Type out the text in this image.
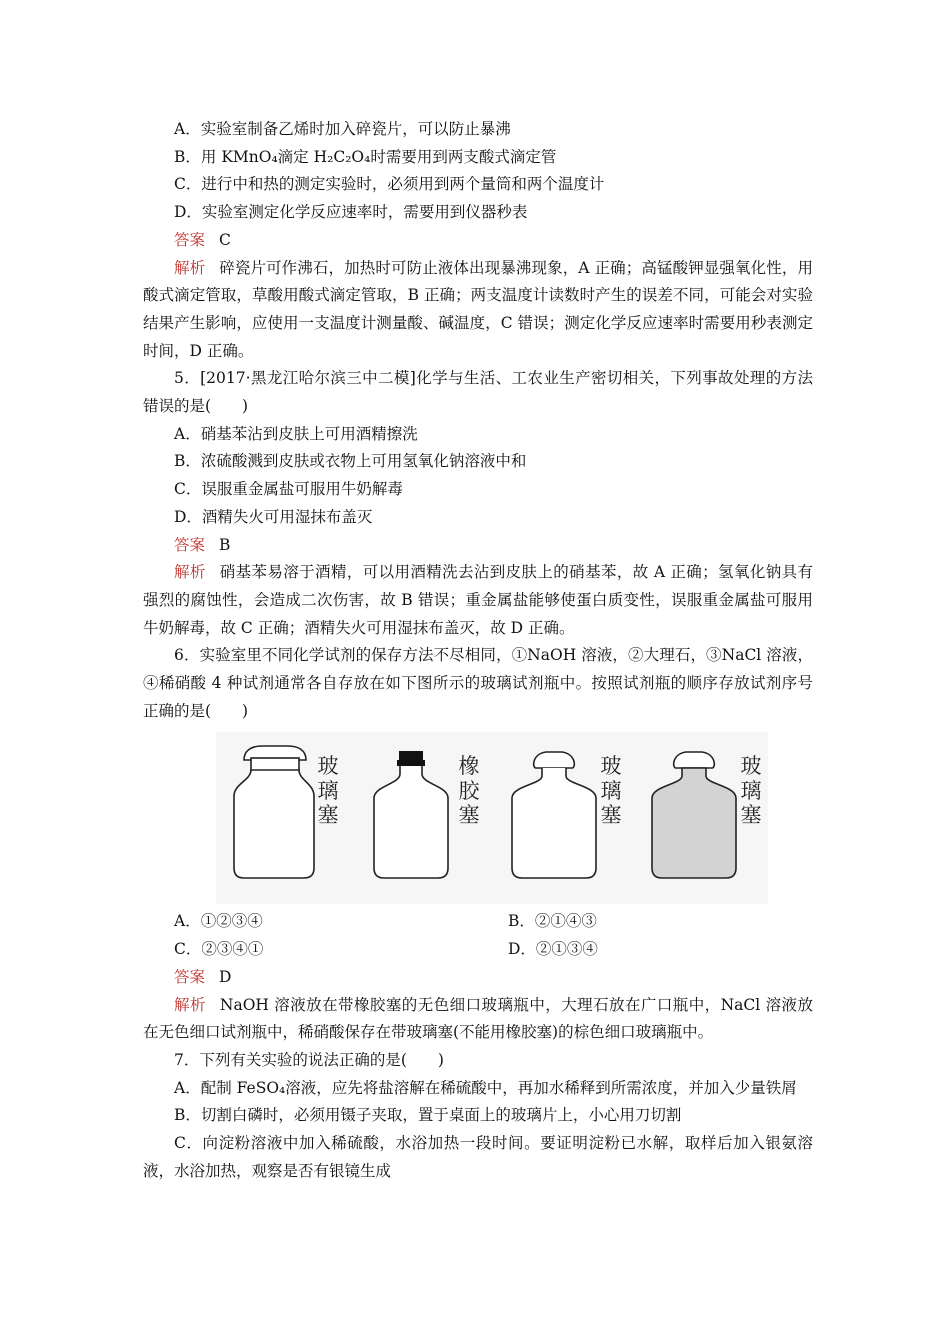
A．实验室制备乙烯时加入碎瓷片，可以防止暴沸
B．用 KMnO₄滴定 H₂C₂O₄时需要用到两支酸式滴定管
C．进行中和热的测定实验时，必须用到两个量筒和两个温度计
D．实验室测定化学反应速率时，需要用到仪器秒表
答案 C
解析 碎瓷片可作沸石，加热时可防止液体出现暴沸现象，A 正确；高锰酸钾显强氧化性，用酸式滴定管取，草酸用酸式滴定管取，B 正确；两支温度计读数时产生的误差不同，可能会对实验结果产生影响，应使用一支温度计测量酸、碱温度，C 错误；测定化学反应速率时需要用秒表测定时间，D 正确。
5．[2017·黑龙江哈尔滨三中二模]化学与生活、工农业生产密切相关，下列事故处理的方法错误的是(　　)
A．硝基苯沾到皮肤上可用酒精擦洗
B．浓硫酸溅到皮肤或衣物上可用氢氧化钠溶液中和
C．误服重金属盐可服用牛奶解毒
D．酒精失火可用湿抹布盖灭
答案 B
解析 硝基苯易溶于酒精，可以用酒精洗去沾到皮肤上的硝基苯，故 A 正确；氢氧化钠具有强烈的腐蚀性，会造成二次伤害，故 B 错误；重金属盐能够使蛋白质变性，误服重金属盐可服用牛奶解毒，故 C 正确；酒精失火可用湿抹布盖灭，故 D 正确。
6．实验室里不同化学试剂的保存方法不尽相同，①NaOH 溶液，②大理石，③NaCl 溶液，④稀硝酸 4 种试剂通常各自存放在如下图所示的玻璃试剂瓶中。按照试剂瓶的顺序存放试剂序号正确的是(　　)
玻璃塞
橡胶塞
玻璃塞
玻璃塞
A．①②③④	B．②①④③
C．②③④①	D．②①③④
答案 D
解析 NaOH 溶液放在带橡胶塞的无色细口玻璃瓶中，大理石放在广口瓶中，NaCl 溶液放在无色细口试剂瓶中，稀硝酸保存在带玻璃塞(不能用橡胶塞)的棕色细口玻璃瓶中。
7．下列有关实验的说法正确的是(　　)
A．配制 FeSO₄溶液，应先将盐溶解在稀硫酸中，再加水稀释到所需浓度，并加入少量铁屑
B．切割白磷时，必须用镊子夹取，置于桌面上的玻璃片上，小心用刀切割
C．向淀粉溶液中加入稀硫酸，水浴加热一段时间。要证明淀粉已水解，取样后加入银氨溶液，水浴加热，观察是否有银镜生成
